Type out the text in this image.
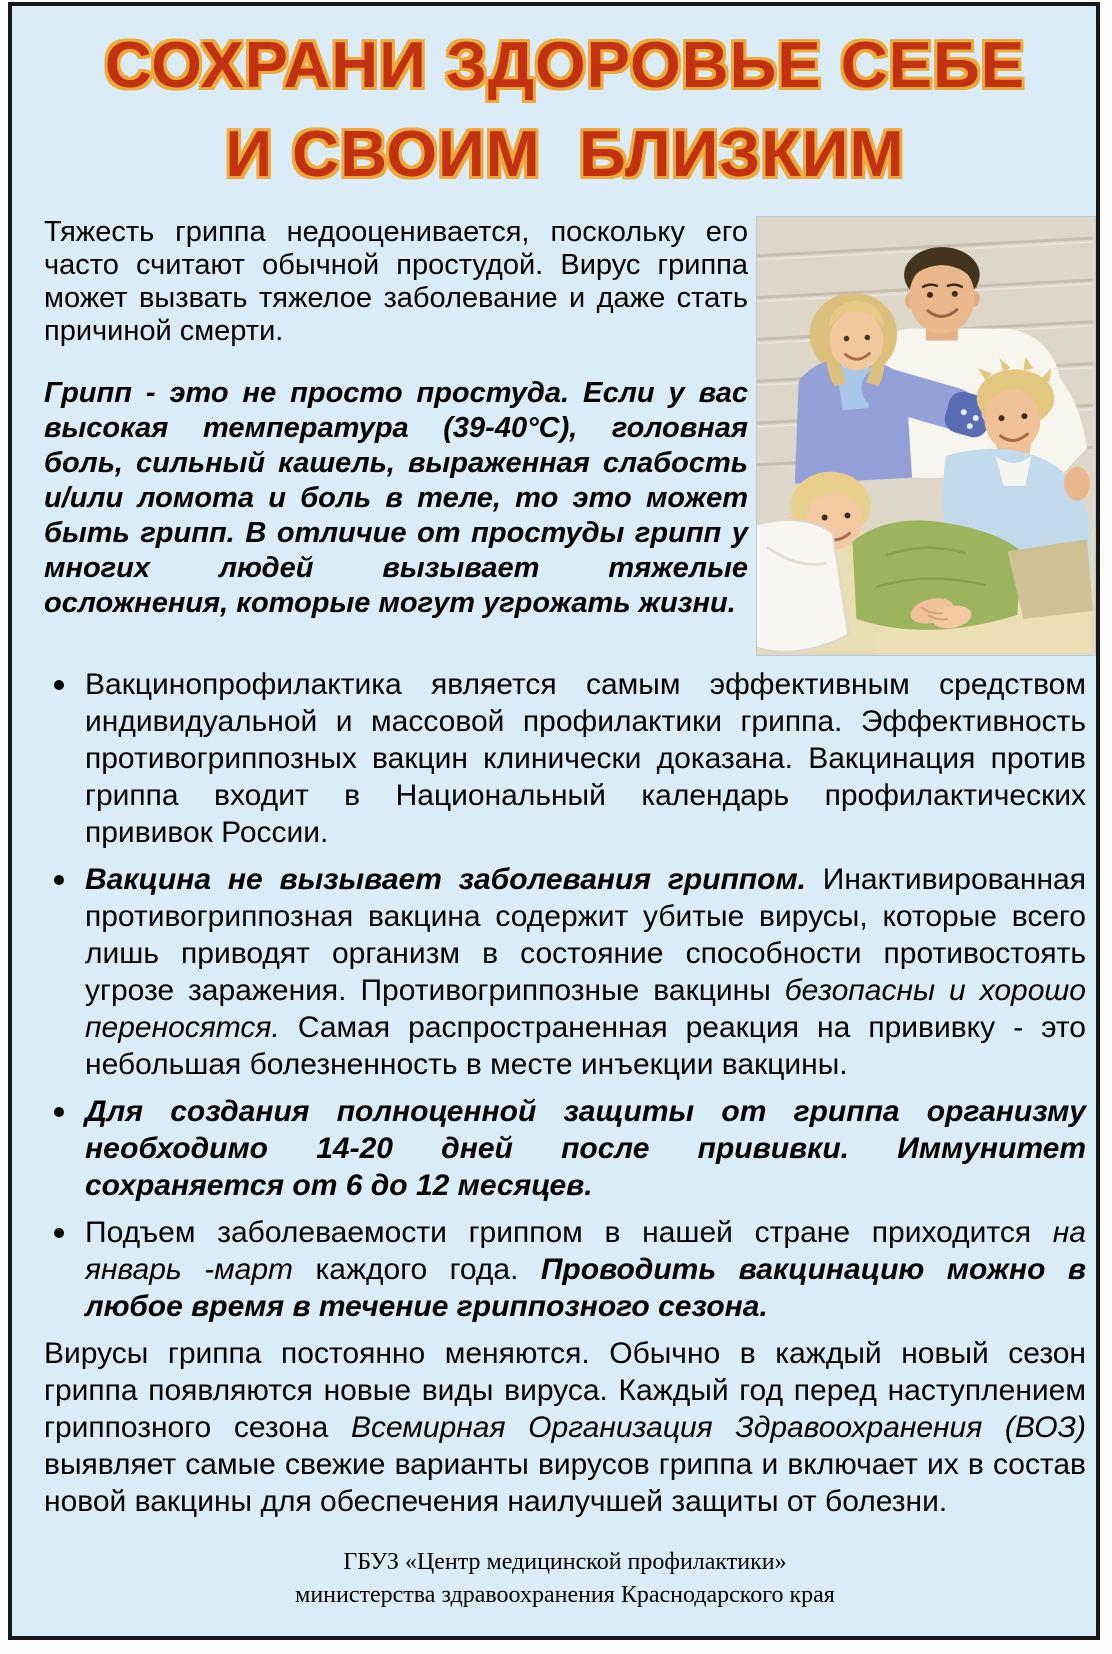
СОХРАНИ ЗДОРОВЬЕ СЕБЕ
И СВОИМ  БЛИЗКИМ

Тяжесть гриппа недооценивается, поскольку его часто считают обычной простудой. Вирус гриппа может вызвать тяжелое заболевание и даже стать причиной смерти.

Грипп - это не просто простуда. Если у вас высокая температура (39-40°С), головная боль, сильный кашель, выраженная слабость и/или ломота и боль в теле, то это может быть грипп. В отличие от простуды грипп у многих людей вызывает тяжелые осложнения, которые могут угрожать жизни.

Вакцинопрофилактика является самым эффективным средством индивидуальной и массовой профилактики гриппа. Эффективность противогриппозных вакцин клинически доказана. Вакцинация против гриппа входит в Национальный календарь профилактических прививок России.
Вакцина не вызывает заболевания гриппом. Инактивированная противогриппозная вакцина содержит убитые вирусы, которые всего лишь приводят организм в состояние способности противостоять угрозе заражения. Противогриппозные вакцины безопасны и хорошо переносятся. Самая распространенная реакция на прививку - это небольшая болезненность в месте инъекции вакцины.
Для создания полноценной защиты от гриппа организму необходимо 14-20 дней после прививки. Иммунитет сохраняется от 6 до 12 месяцев.
Подъем заболеваемости гриппом в нашей стране приходится на январь -март каждого года. Проводить вакцинацию можно в любое время в течение гриппозного сезона.

Вирусы гриппа постоянно меняются. Обычно в каждый новый сезон гриппа появляются новые виды вируса. Каждый год перед наступлением гриппозного сезона Всемирная Организация Здравоохранения (ВОЗ) выявляет самые свежие варианты вирусов гриппа и включает их в состав новой вакцины для обеспечения наилучшей защиты от болезни.

ГБУЗ «Центр медицинской профилактики»
министерства здравоохранения Краснодарского края
